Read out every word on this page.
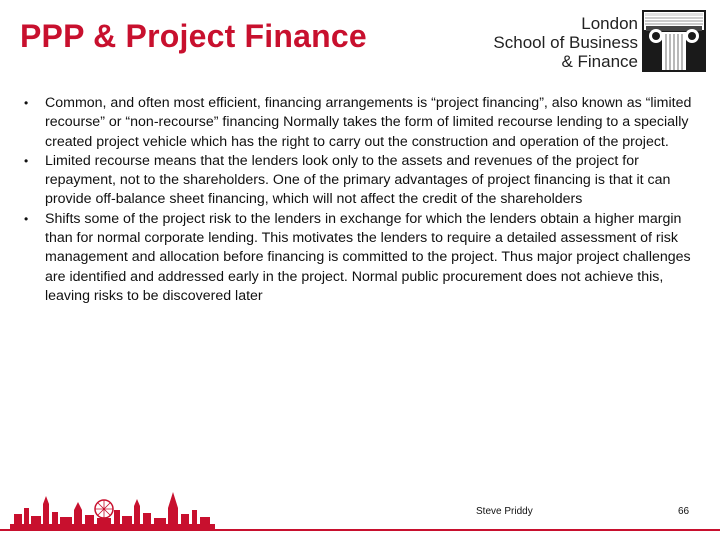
PPP & Project Finance	London
School of Business
& Finance
• Common, and often most efficient, financing arrangements is “project financing”, also known as “limited recourse” or “non-recourse” financing Normally takes the form of limited recourse lending to a specially created project vehicle which has the right to carry out the construction and operation of the project.
• Limited recourse means that the lenders look only to the assets and revenues of the project for repayment, not to the shareholders. One of the primary advantages of project financing is that it can provide off-balance sheet financing, which will not affect the credit of the shareholders
• Shifts some of the project risk to the lenders in exchange for which the lenders obtain a higher margin than for normal corporate lending. This motivates the lenders to require a detailed assessment of risk management and allocation before financing is committed to the project. Thus major project challenges are identified and addressed early in the project. Normal public procurement does not achieve this, leaving risks to be discovered later
Steve Priddy	66
